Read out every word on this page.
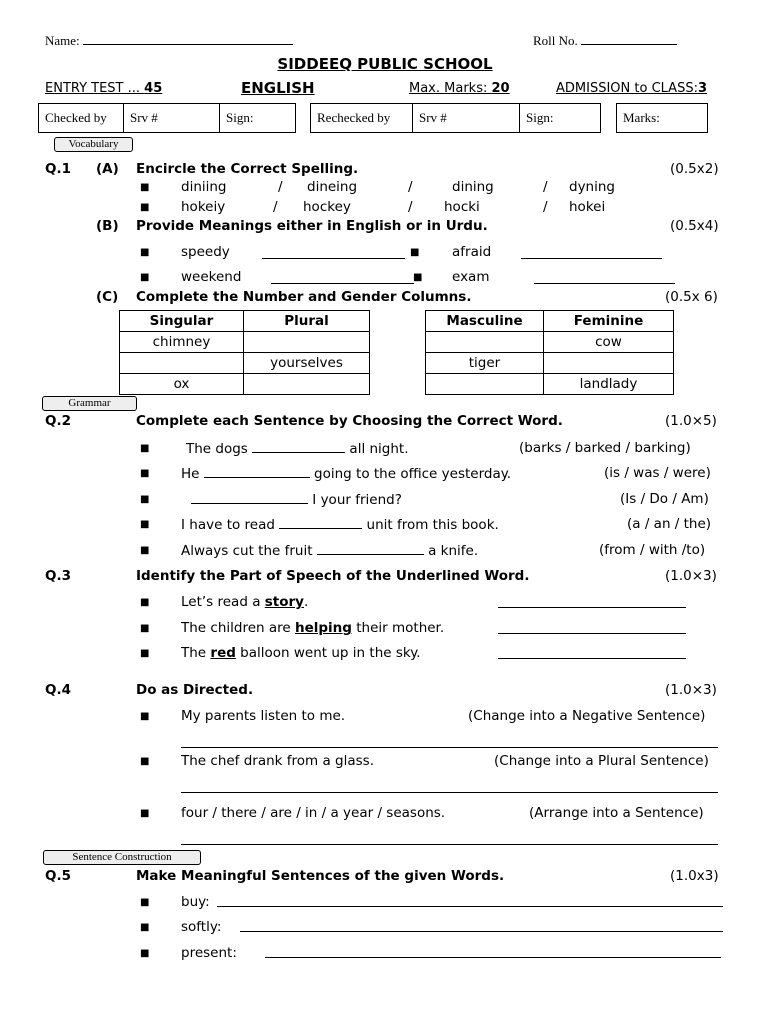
Name:	Roll No.
SIDDEEQ PUBLIC SCHOOL
ENTRY TEST ... 45	ENGLISH	Max. Marks: 20	ADMISSION to CLASS:3
Checked by	Srv #	Sign:	Rechecked by	Srv #	Sign:	Marks:
Vocabulary
Q.1 (A) Encircle the Correct Spelling.	(0.5x2)
■ diniing	/ dineing	/	dining	/ dyning
■ hokeiy	/ hockey	/ hocki	/ hokei
(B) Provide Meanings either in English or in Urdu.	(0.5x4)
■ speedy	■ afraid
■ weekend	■ exam
(C) Complete the Number and Gender Columns.	(0.5x 6)
Singular	Plural
chimney	
	yourselves
ox	
Masculine	Feminine
	cow
tiger	
	landlady
Grammar
Q.2	Complete each Sentence by Choosing the Correct Word.	(1.0×5)
■	The dogs	all night.	(barks / barked / barking)
■ He	going to the office yesterday.	(is / was / were)
■	I your friend?	(Is / Do / Am)
■ I have to read	unit from this book.	(a / an / the)
■ Always cut the fruit	a knife.	(from / with /to)
Q.3	Identify the Part of Speech of the Underlined Word.	(1.0×3)
■ Let’s read a story.
■ The children are helping their mother.
■ The red balloon went up in the sky.
Q.4	Do as Directed.	(1.0×3)
■ My parents listen to me.	(Change into a Negative Sentence)
■ The chef drank from a glass.	(Change into a Plural Sentence)
■ four / there / are / in / a year / seasons.	(Arrange into a Sentence)
Sentence Construction
Q.5	Make Meaningful Sentences of the given Words.	(1.0x3)
■ buy:
■ softly:
■ present:
